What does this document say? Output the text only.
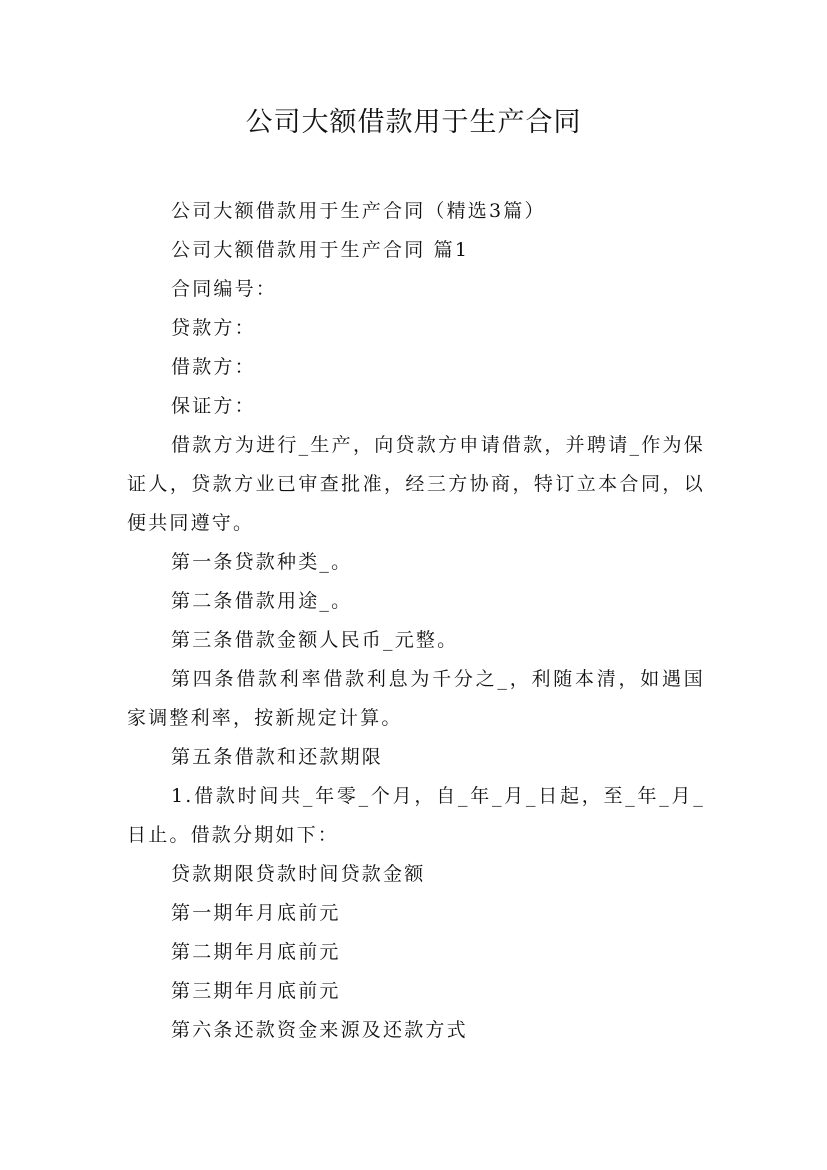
公司大额借款用于生产合同

公司大额借款用于生产合同（精选3篇）

公司大额借款用于生产合同 篇1

合同编号：

贷款方：

借款方：

保证方：

借款方为进行_生产，向贷款方申请借款，并聘请_作为保证人，贷款方业已审查批准，经三方协商，特订立本合同，以便共同遵守。

第一条贷款种类_。

第二条借款用途_。

第三条借款金额人民币_元整。

第四条借款利率借款利息为千分之_，利随本清，如遇国家调整利率，按新规定计算。

第五条借款和还款期限

1.借款时间共_年零_个月，自_年_月_日起，至_年_月_日止。借款分期如下：

贷款期限贷款时间贷款金额

第一期年月底前元

第二期年月底前元

第三期年月底前元

第六条还款资金来源及还款方式
